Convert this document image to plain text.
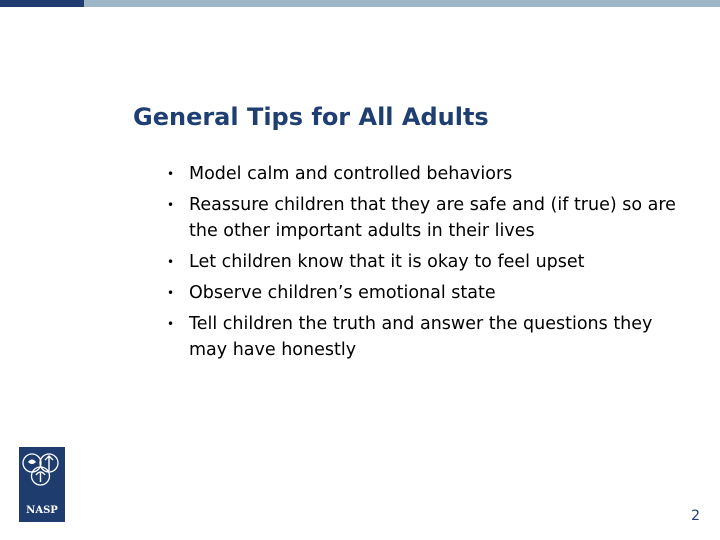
General Tips for All Adults
• Model calm and controlled behaviors
• Reassure children that they are safe and (if true) so are the other important adults in their lives
• Let children know that it is okay to feel upset
• Observe children’s emotional state
• Tell children the truth and answer the questions they may have honestly
NASP	2
